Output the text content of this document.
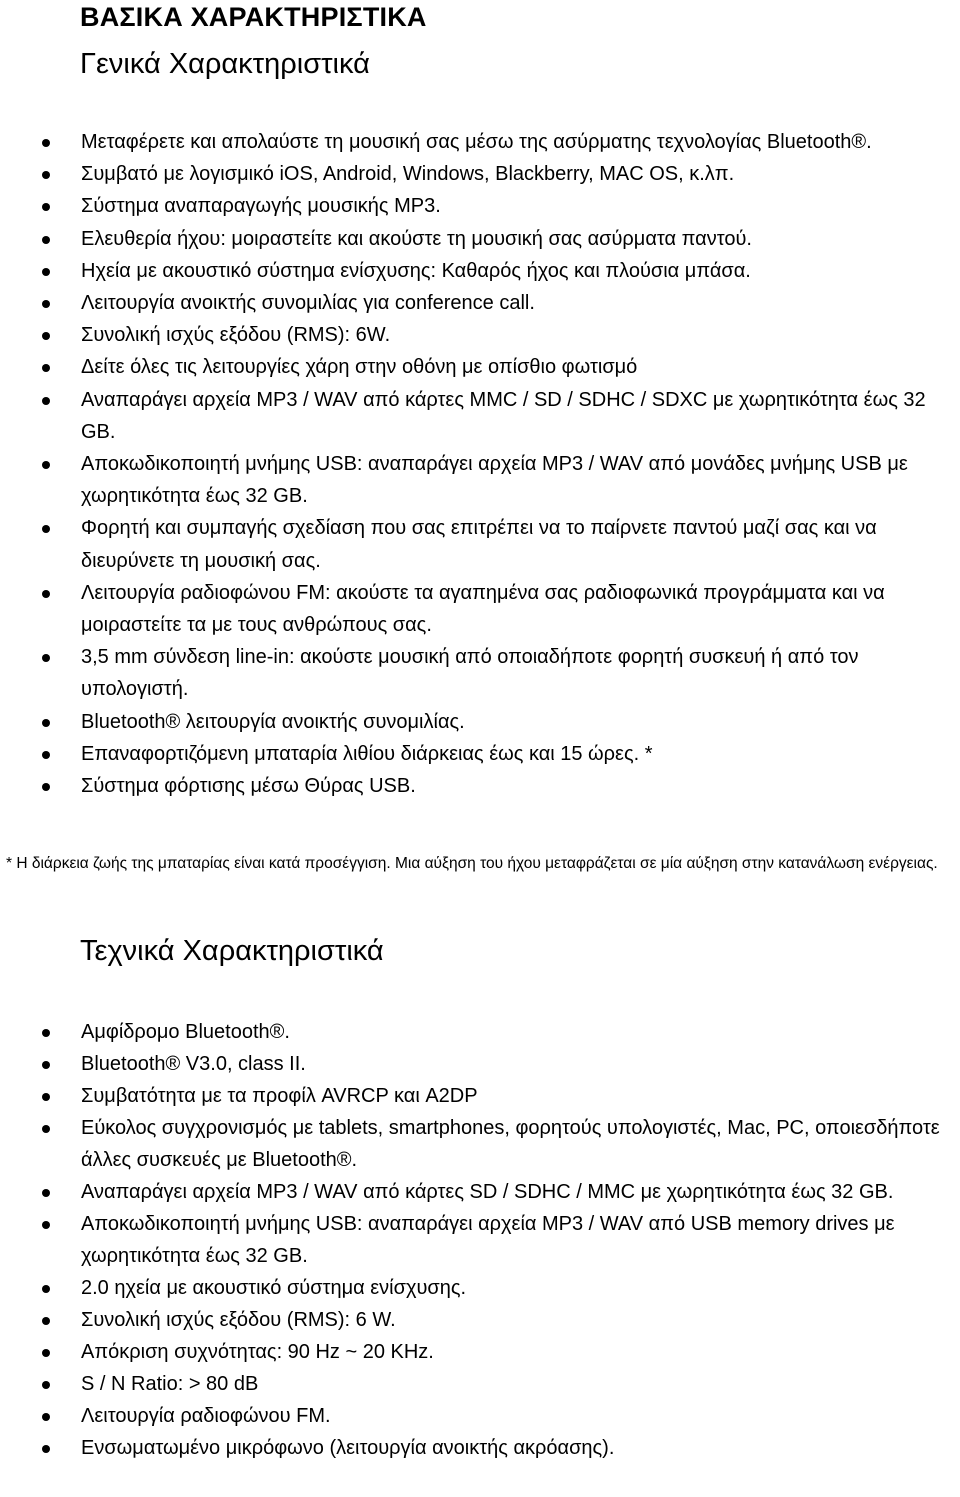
ΒΑΣΙΚΑ ΧΑΡΑΚΤΗΡΙΣΤΙΚΑ
Γενικά Χαρακτηριστικά
Μεταφέρετε και απολαύστε τη μουσική σας μέσω της ασύρματης τεχνολογίας Bluetooth®.
Συμβατό με λογισμικό iOS, Android, Windows, Blackberry, MAC OS, κ.λπ.
Σύστημα αναπαραγωγής μουσικής MP3.
Ελευθερία ήχου: μοιραστείτε και ακούστε τη μουσική σας ασύρματα παντού.
Ηχεία με ακουστικό σύστημα ενίσχυσης: Καθαρός ήχος και πλούσια μπάσα.
Λειτουργία ανοικτής συνομιλίας για conference call.
Συνολική ισχύς εξόδου (RMS): 6W.
Δείτε όλες τις λειτουργίες χάρη στην οθόνη με οπίσθιο φωτισμό
Αναπαράγει αρχεία MP3 / WAV από κάρτες MMC / SD / SDHC / SDXC με χωρητικότητα έως 32 GB.
Αποκωδικοποιητή μνήμης USB: αναπαράγει αρχεία MP3 / WAV από μονάδες μνήμης USB με χωρητικότητα έως 32 GB.
Φορητή και συμπαγής σχεδίαση που σας επιτρέπει να το παίρνετε παντού μαζί σας και να διευρύνετε τη μουσική σας.
Λειτουργία ραδιοφώνου FM: ακούστε τα αγαπημένα σας ραδιοφωνικά προγράμματα και να μοιραστείτε τα με τους ανθρώπους σας.
3,5 mm σύνδεση line-in: ακούστε μουσική από οποιαδήποτε φορητή συσκευή ή από τον υπολογιστή.
Bluetooth® λειτουργία ανοικτής συνομιλίας.
Επαναφορτιζόμενη μπαταρία λιθίου διάρκειας έως και 15 ώρες. *
Σύστημα φόρτισης μέσω Θύρας USB.

* Η διάρκεια ζωής της μπαταρίας είναι κατά προσέγγιση. Μια αύξηση του ήχου μεταφράζεται σε μία αύξηση στην κατανάλωση ενέργειας.

Τεχνικά Χαρακτηριστικά
Αμφίδρομο Bluetooth®.
Bluetooth® V3.0, class II.
Συμβατότητα με τα προφίλ AVRCP και A2DP
Εύκολος συγχρονισμός με tablets, smartphones, φορητούς υπολογιστές, Mac, PC, οποιεσδήποτε άλλες συσκευές με Bluetooth®.
Αναπαράγει αρχεία MP3 / WAV από κάρτες SD / SDHC / MMC με χωρητικότητα έως 32 GB.
Αποκωδικοποιητή μνήμης USB: αναπαράγει αρχεία MP3 / WAV από USB memory drives με χωρητικότητα έως 32 GB.
2.0 ηχεία με ακουστικό σύστημα ενίσχυσης.
Συνολική ισχύς εξόδου (RMS): 6 W.
Απόκριση συχνότητας: 90 Hz ~ 20 KHz.
S / N Ratio: > 80 dB
Λειτουργία ραδιοφώνου FM.
Ενσωματωμένο μικρόφωνο (λειτουργία ανοικτής ακρόασης).
